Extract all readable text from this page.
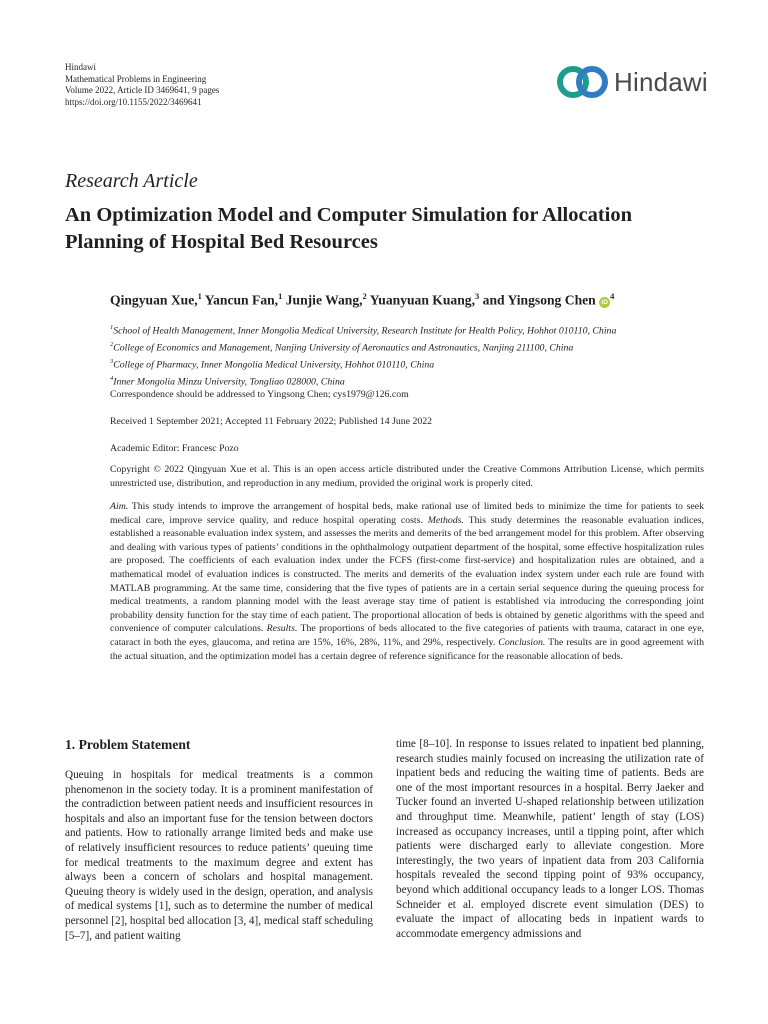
Hindawi
Mathematical Problems in Engineering
Volume 2022, Article ID 3469641, 9 pages
https://doi.org/10.1155/2022/3469641
Hindawi
Research Article
An Optimization Model and Computer Simulation for Allocation Planning of Hospital Bed Resources
Qingyuan Xue,$^1$ Yancun Fan,$^1$ Junjie Wang,$^2$ Yuanyuan Kuang,$^3$ and Yingsong Chen $iD^4$
$^1$School of Health Management, Inner Mongolia Medical University, Research Institute for Health Policy, Hohhot 010110, China
$^2$College of Economics and Management, Nanjing University of Aeronautics and Astronautics, Nanjing 211100, China
$^3$College of Pharmacy, Inner Mongolia Medical University, Hohhot 010110, China
$^4$Inner Mongolia Minzu University, Tongliao 028000, China
Correspondence should be addressed to Yingsong Chen; cys1979@126.com
Received 1 September 2021; Accepted 11 February 2022; Published 14 June 2022
Academic Editor: Francesc Pozo
Copyright © 2022 Qingyuan Xue et al. This is an open access article distributed under the Creative Commons Attribution License, which permits unrestricted use, distribution, and reproduction in any medium, provided the original work is properly cited.
Aim. This study intends to improve the arrangement of hospital beds, make rational use of limited beds to minimize the time for patients to seek medical care, improve service quality, and reduce hospital operating costs. Methods. This study determines the reasonable evaluation indices, established a reasonable evaluation index system, and assesses the merits and demerits of the bed arrangement model for this problem. After observing and dealing with various types of patients’ conditions in the ophthalmology outpatient department of the hospital, some effective hospitalization rules are proposed. The coefficients of each evaluation index under the FCFS (first-come first-service) and hospitalization rules are obtained, and a mathematical model of evaluation indices is constructed. The merits and demerits of the evaluation index system under each rule are found with MATLAB programming. At the same time, considering that the five types of patients are in a certain serial sequence during the queuing process for medical treatments, a random planning model with the least average stay time of patient is established via introducing the corresponding joint probability density function for the stay time of each patient. The proportional allocation of beds is obtained by genetic algorithms with the speed and convenience of computer calculations. Results. The proportions of beds allocated to the five categories of patients with trauma, cataract in one eye, cataract in both the eyes, glaucoma, and retina are 15%, 16%, 28%, 11%, and 29%, respectively. Conclusion. The results are in good agreement with the actual situation, and the optimization model has a certain degree of reference significance for the reasonable allocation of beds.
1. Problem Statement
Queuing in hospitals for medical treatments is a common phenomenon in the society today. It is a prominent manifestation of the contradiction between patient needs and insufficient resources in hospitals and also an important fuse for the tension between doctors and patients. How to rationally arrange limited beds and make use of relatively insufficient resources to reduce patients’ queuing time for medical treatments to the maximum degree and extent has always been a concern of scholars and hospital management. Queuing theory is widely used in the design, operation, and analysis of medical systems [1], such as to determine the number of medical personnel [2], hospital bed allocation [3, 4], medical staff scheduling [5–7], and patient waiting
time [8–10]. In response to issues related to inpatient bed planning, research studies mainly focused on increasing the utilization rate of inpatient beds and reducing the waiting time of patients. Beds are one of the most important resources in a hospital. Berry Jaeker and Tucker found an inverted U-shaped relationship between utilization and throughput time. Meanwhile, patient’ length of stay (LOS) increased as occupancy increases, until a tipping point, after which patients were discharged early to alleviate congestion. More interestingly, the two years of inpatient data from 203 California hospitals revealed the second tipping point of 93% occupancy, beyond which additional occupancy leads to a longer LOS. Thomas Schneider et al. employed discrete event simulation (DES) to evaluate the impact of allocating beds in inpatient wards to accommodate emergency admissions and
